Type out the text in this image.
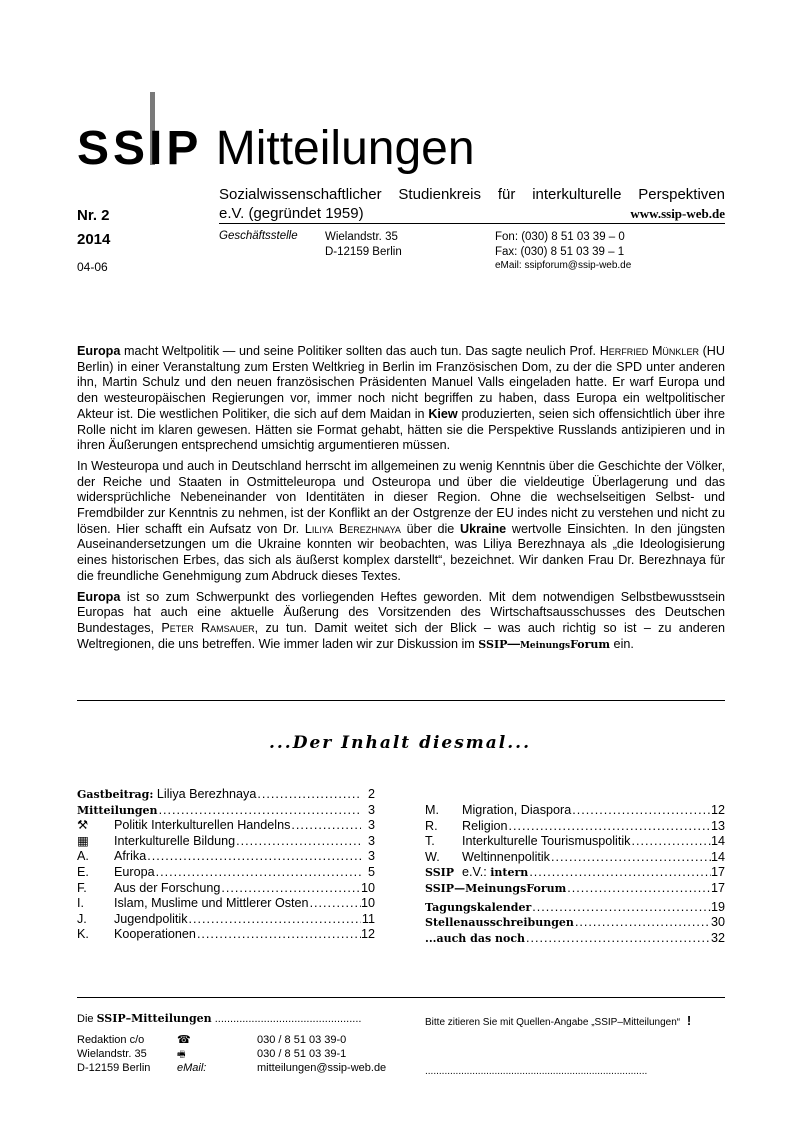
SSIP Mitteilungen
Nr. 2
2014
04-06
Sozialwissenschaftlicher Studienkreis für interkulturelle Perspektiven
e.V. (gegründet 1959)	www.ssip-web.de
Geschäftsstelle Wielandstr. 35
D-12159 Berlin
Fon: (030) 8 51 03 39 – 0
Fax: (030) 8 51 03 39 – 1
eMail: ssipforum@ssip-web.de

Europa macht Weltpolitik — und seine Politiker sollten das auch tun. Das sagte neulich Prof. Herfried Münkler (HU Berlin) in einer Veranstaltung zum Ersten Weltkrieg in Berlin im Französischen Dom, zu der die SPD unter anderen ihn, Martin Schulz und den neuen französischen Präsidenten Manuel Valls eingeladen hatte. Er warf Europa und den westeuropäischen Regierungen vor, immer noch nicht begriffen zu haben, dass Europa ein weltpolitischer Akteur ist. Die westlichen Politiker, die sich auf dem Maidan in Kiew produzierten, seien sich offensichtlich über ihre Rolle nicht im klaren gewesen. Hätten sie Format gehabt, hätten sie die Perspektive Russlands antizipieren und in ihren Äußerungen entsprechend umsichtig argumentieren müssen.

In Westeuropa und auch in Deutschland herrscht im allgemeinen zu wenig Kenntnis über die Geschichte der Völker, der Reiche und Staaten in Ostmitteleuropa und Osteuropa und über die vieldeutige Überlagerung und das widersprüchliche Nebeneinander von Identitäten in dieser Region. Ohne die wechselseitigen Selbst- und Fremdbilder zur Kenntnis zu nehmen, ist der Konflikt an der Ostgrenze der EU indes nicht zu verstehen und nicht zu lösen. Hier schafft ein Aufsatz von Dr. Liliya Berezhnaya über die Ukraine wertvolle Einsichten. In den jüngsten Auseinandersetzungen um die Ukraine konnten wir beobachten, was Liliya Berezhnaya als „die Ideologisierung eines historischen Erbes, das sich als äußerst komplex darstellt“, bezeichnet. Wir danken Frau Dr. Berezhnaya für die freundliche Genehmigung zum Abdruck dieses Textes.

Europa ist so zum Schwerpunkt des vorliegenden Heftes geworden. Mit dem notwendigen Selbstbewusstsein Europas hat auch eine aktuelle Äußerung des Vorsitzenden des Wirtschaftsausschusses des Deutschen Bundestages, Peter Ramsauer, zu tun. Damit weitet sich der Blick – was auch richtig so ist – zu anderen Weltregionen, die uns betreffen. Wie immer laden wir zur Diskussion im SSIP—MeinungsForum ein.

...Der Inhalt diesmal...
Gastbeitrag: Liliya Berezhnaya .....	2
Mitteilungen .....	3
⚒	Politik Interkulturellen Handelns .....	3
▦	Interkulturelle Bildung .....	3
A.	Afrika .....	3
E.	Europa .....	5
F.	Aus der Forschung .....	10
I.	Islam, Muslime und Mittlerer Osten .....	10
J.	Jugendpolitik .....	11
K.	Kooperationen .....	12
M.	Migration, Diaspora .....	12
R.	Religion .....	13
T.	Interkulturelle Tourismuspolitik .....	14
W.	Weltinnenpolitik .....	14
SSIP e.V.: intern .....	17
SSIP—MeinungsForum .....	17
Tagungskalender .....	19
Stellenausschreibungen .....	30
...auch das noch .....	32
Die SSIP–Mitteilungen ................................................	Bitte zitieren Sie mit Quellen-Angabe „SSIP–Mitteilungen“ !
Redaktion c/o	☎	030 / 8 51 03 39-0
Wielandstr. 35	🖷	030 / 8 51 03 39-1
D-12159 Berlin	eMail:	mitteilungen@ssip-web.de	................................................................................
